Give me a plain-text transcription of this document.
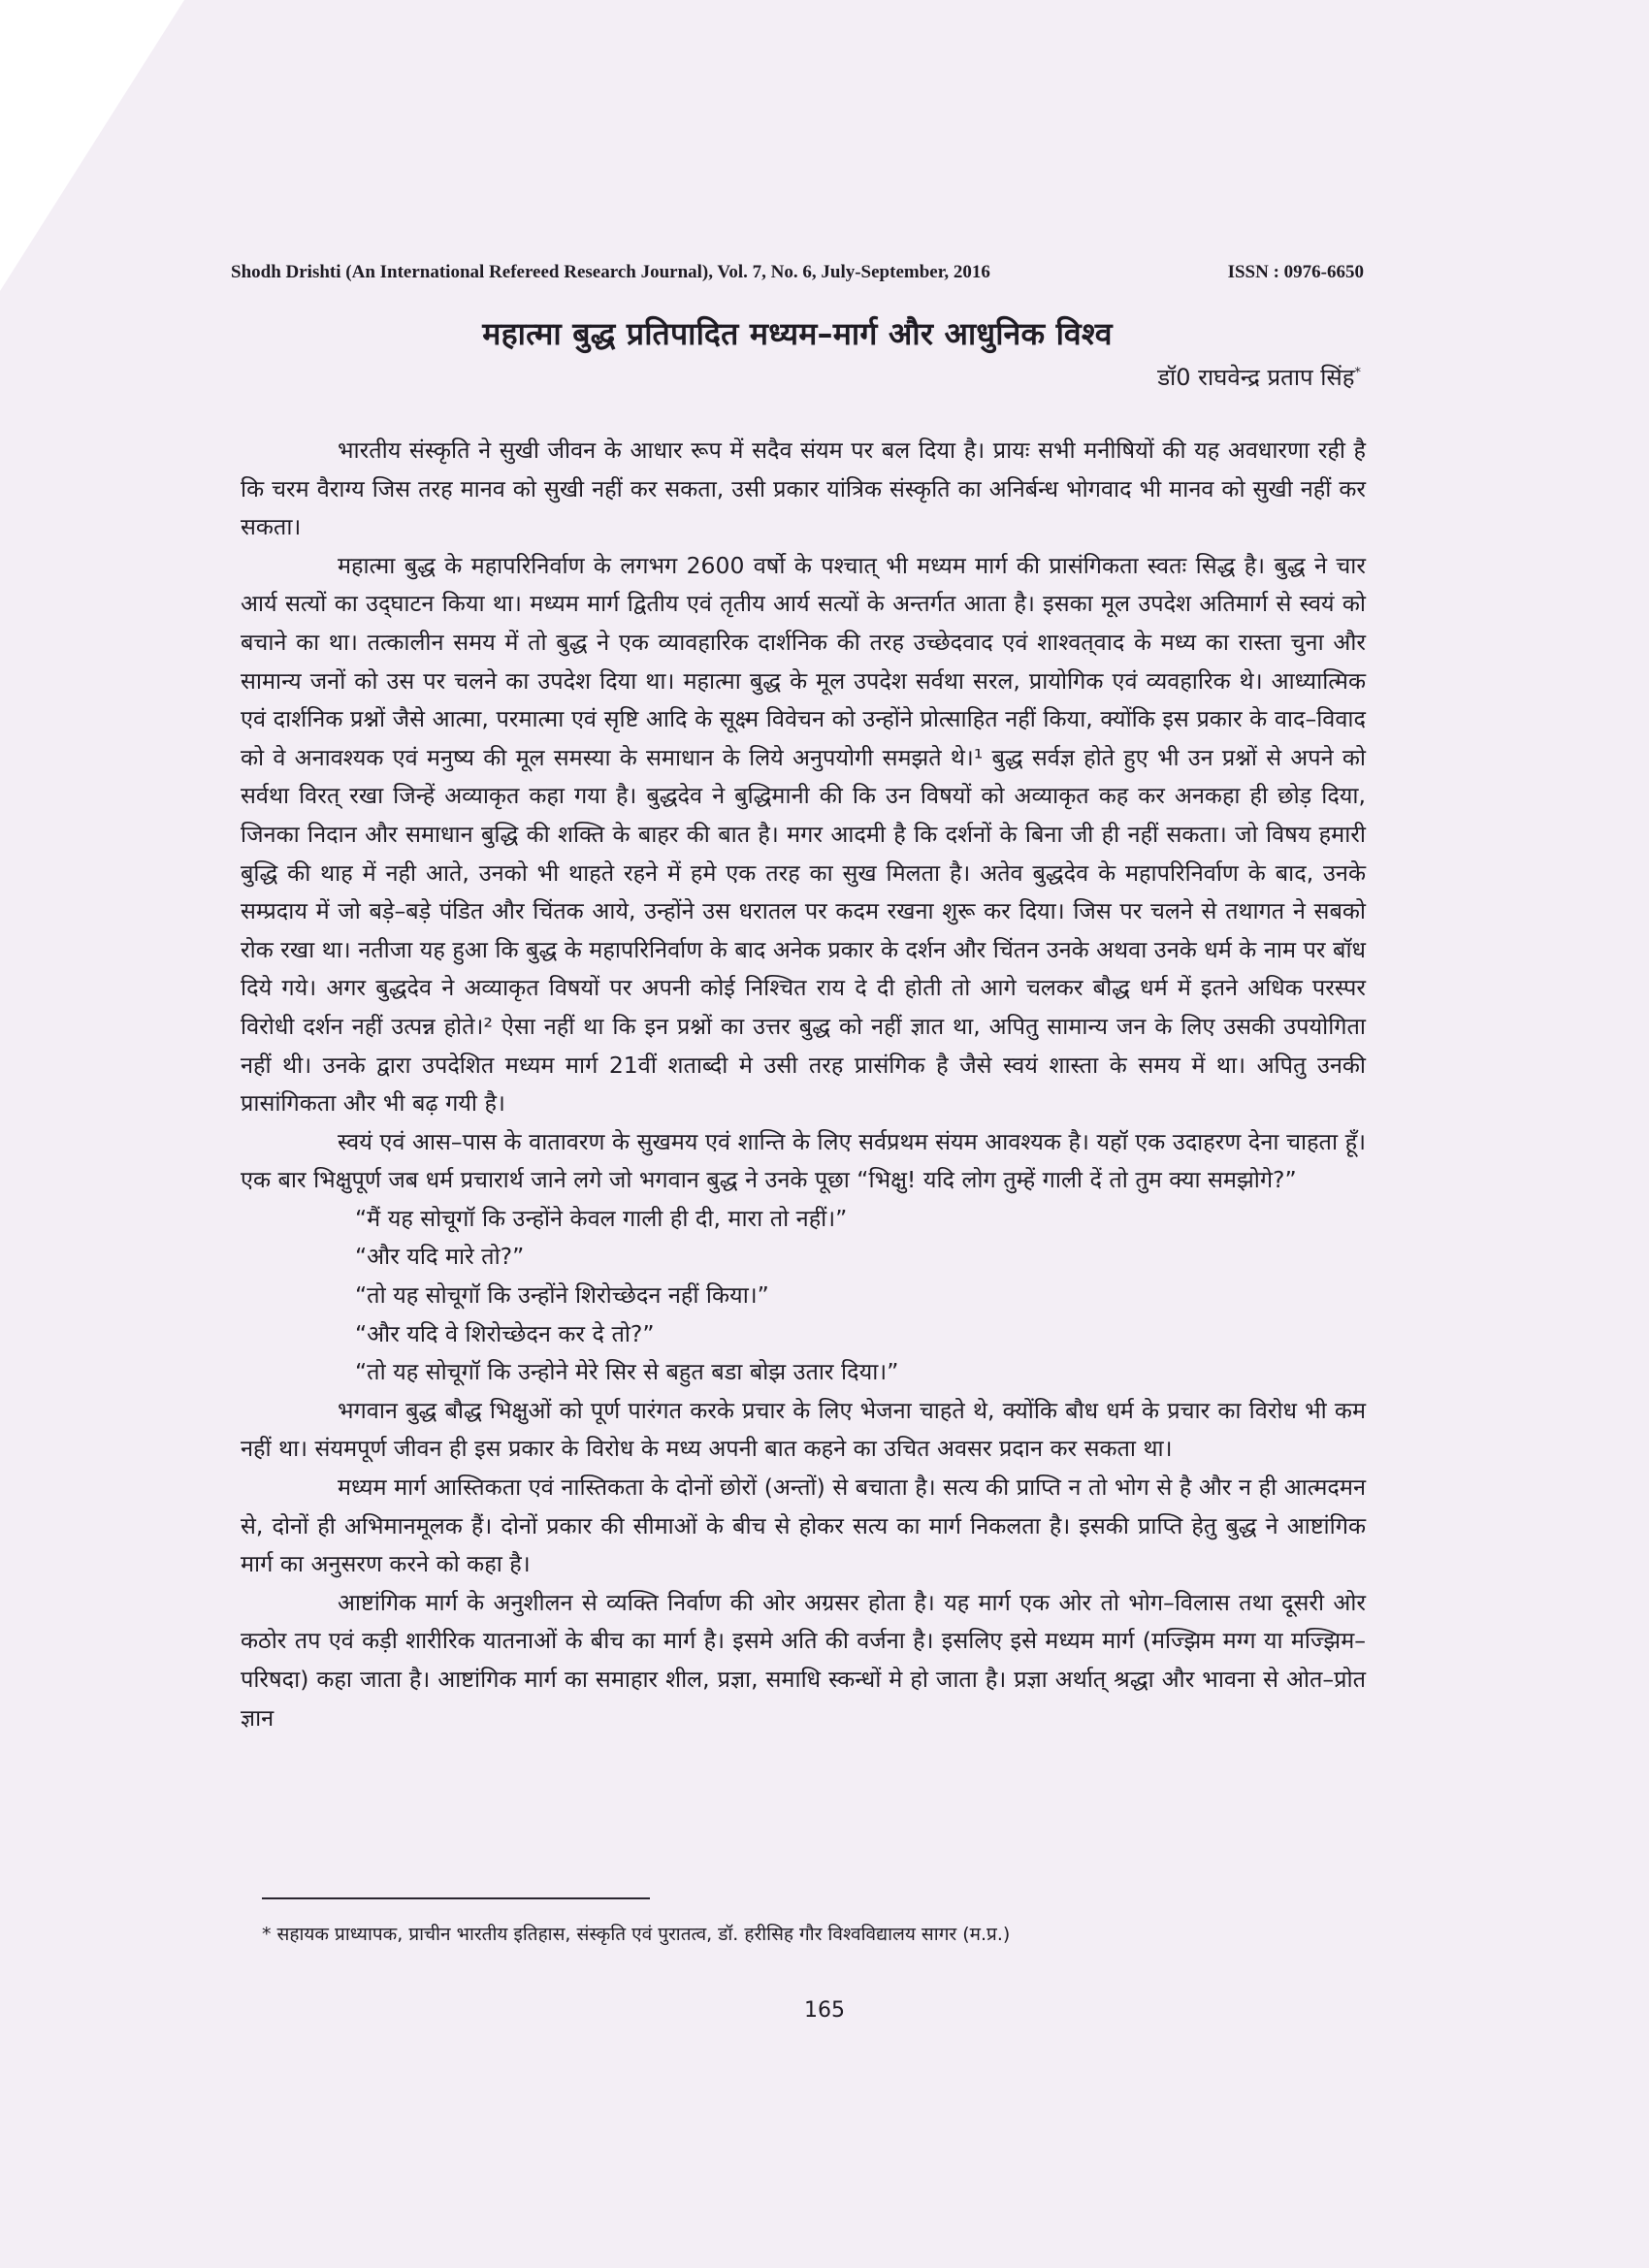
Shodh Drishti (An International Refereed Research Journal), Vol. 7, No. 6, July-September, 2016	ISSN : 0976-6650
महात्मा बुद्ध प्रतिपादित मध्यम–मार्ग और आधुनिक विश्व
डॉ0 राघवेन्द्र प्रताप सिंह*

भारतीय संस्कृति ने सुखी जीवन के आधार रूप में सदैव संयम पर बल दिया है। प्रायः सभी मनीषियों की यह अवधारणा रही है कि चरम वैराग्य जिस तरह मानव को सुखी नहीं कर सकता, उसी प्रकार यांत्रिक संस्कृति का अनिर्बन्ध भोगवाद भी मानव को सुखी नहीं कर सकता।

महात्मा बुद्ध के महापरिनिर्वाण के लगभग 2600 वर्षो के पश्चात् भी मध्यम मार्ग की प्रासंगिकता स्वतः सिद्ध है। बुद्ध ने चार आर्य सत्यों का उद्‌घाटन किया था। मध्यम मार्ग द्वितीय एवं तृतीय आर्य सत्यों के अन्तर्गत आता है। इसका मूल उपदेश अतिमार्ग से स्वयं को बचाने का था। तत्कालीन समय में तो बुद्ध ने एक व्यावहारिक दार्शनिक की तरह उच्छेदवाद एवं शाश्वत्‌वाद के मध्य का रास्ता चुना और सामान्य जनों को उस पर चलने का उपदेश दिया था। महात्मा बुद्ध के मूल उपदेश सर्वथा सरल, प्रायोगिक एवं व्यवहारिक थे। आध्यात्मिक एवं दार्शनिक प्रश्नों जैसे आत्मा, परमात्मा एवं सृष्टि आदि के सूक्ष्म विवेचन को उन्होंने प्रोत्साहित नहीं किया, क्योंकि इस प्रकार के वाद–विवाद को वे अनावश्यक एवं मनुष्य की मूल समस्या के समाधान के लिये अनुपयोगी समझते थे।¹ बुद्ध सर्वज्ञ होते हुए भी उन प्रश्नों से अपने को सर्वथा विरत् रखा जिन्हें अव्याकृत कहा गया है। बुद्धदेव ने बुद्धिमानी की कि उन विषयों को अव्याकृत कह कर अनकहा ही छोड़ दिया, जिनका निदान और समाधान बुद्धि की शक्ति के बाहर की बात है। मगर आदमी है कि दर्शनों के बिना जी ही नहीं सकता। जो विषय हमारी बुद्धि की थाह में नही आते, उनको भी थाहते रहने में हमे एक तरह का सुख मिलता है। अतेव बुद्धदेव के महापरिनिर्वाण के बाद, उनके सम्प्रदाय में जो बड़े–बड़े पंडित और चिंतक आये, उन्होंने उस धरातल पर कदम रखना शुरू कर दिया। जिस पर चलने से तथागत ने सबको रोक रखा था। नतीजा यह हुआ कि बुद्ध के महापरिनिर्वाण के बाद अनेक प्रकार के दर्शन और चिंतन उनके अथवा उनके धर्म के नाम पर बॉध दिये गये। अगर बुद्धदेव ने अव्याकृत विषयों पर अपनी कोई निश्चित राय दे दी होती तो आगे चलकर बौद्ध धर्म में इतने अधिक परस्पर विरोधी दर्शन नहीं उत्पन्न होते।² ऐसा नहीं था कि इन प्रश्नों का उत्तर बुद्ध को नहीं ज्ञात था, अपितु सामान्य जन के लिए उसकी उपयोगिता नहीं थी। उनके द्वारा उपदेशित मध्यम मार्ग 21वीं शताब्दी मे उसी तरह प्रासंगिक है जैसे स्वयं शास्ता के समय में था। अपितु उनकी प्रासांगिकता और भी बढ़ गयी है।

स्वयं एवं आस–पास के वातावरण के सुखमय एवं शान्ति के लिए सर्वप्रथम संयम आवश्यक है। यहॉ एक उदाहरण देना चाहता हूँ। एक बार भिक्षुपूर्ण जब धर्म प्रचारार्थ जाने लगे जो भगवान बुद्ध ने उनके पूछा “भिक्षु! यदि लोग तुम्हें गाली दें तो तुम क्या समझोगे?”

“मैं यह सोचूगॉ कि उन्होंने केवल गाली ही दी, मारा तो नहीं।”

“और यदि मारे तो?”

“तो यह सोचूगॉ कि उन्होंने शिरोच्छेदन नहीं किया।”

“और यदि वे शिरोच्छेदन कर दे तो?”

“तो यह सोचूगॉ कि उन्होने मेरे सिर से बहुत बडा बोझ उतार दिया।”

भगवान बुद्ध बौद्ध भिक्षुओं को पूर्ण पारंगत करके प्रचार के लिए भेजना चाहते थे, क्योंकि बौध धर्म के प्रचार का विरोध भी कम नहीं था। संयमपूर्ण जीवन ही इस प्रकार के विरोध के मध्य अपनी बात कहने का उचित अवसर प्रदान कर सकता था।

मध्यम मार्ग आस्तिकता एवं नास्तिकता के दोनों छोरों (अन्तों) से बचाता है। सत्य की प्राप्ति न तो भोग से है और न ही आत्मदमन से, दोनों ही अभिमानमूलक हैं। दोनों प्रकार की सीमाओं के बीच से होकर सत्य का मार्ग निकलता है। इसकी प्राप्ति हेतु बुद्ध ने आष्टांगिक मार्ग का अनुसरण करने को कहा है।

आष्टांगिक मार्ग के अनुशीलन से व्यक्ति निर्वाण की ओर अग्रसर होता है। यह मार्ग एक ओर तो भोग–विलास तथा दूसरी ओर कठोर तप एवं कड़ी शारीरिक यातनाओं के बीच का मार्ग है। इसमे अति की वर्जना है। इसलिए इसे मध्यम मार्ग (मज्झिम मग्ग या मज्झिम–परिषदा) कहा जाता है। आष्टांगिक मार्ग का समाहार शील, प्रज्ञा, समाधि स्कन्धों मे हो जाता है। प्रज्ञा अर्थात् श्रद्धा और भावना से ओत–प्रोत ज्ञान

* सहायक प्राध्यापक, प्राचीन भारतीय इतिहास, संस्कृति एवं पुरातत्व, डॉ. हरीसिह गौर विश्वविद्यालय सागर (म.प्र.)
165
